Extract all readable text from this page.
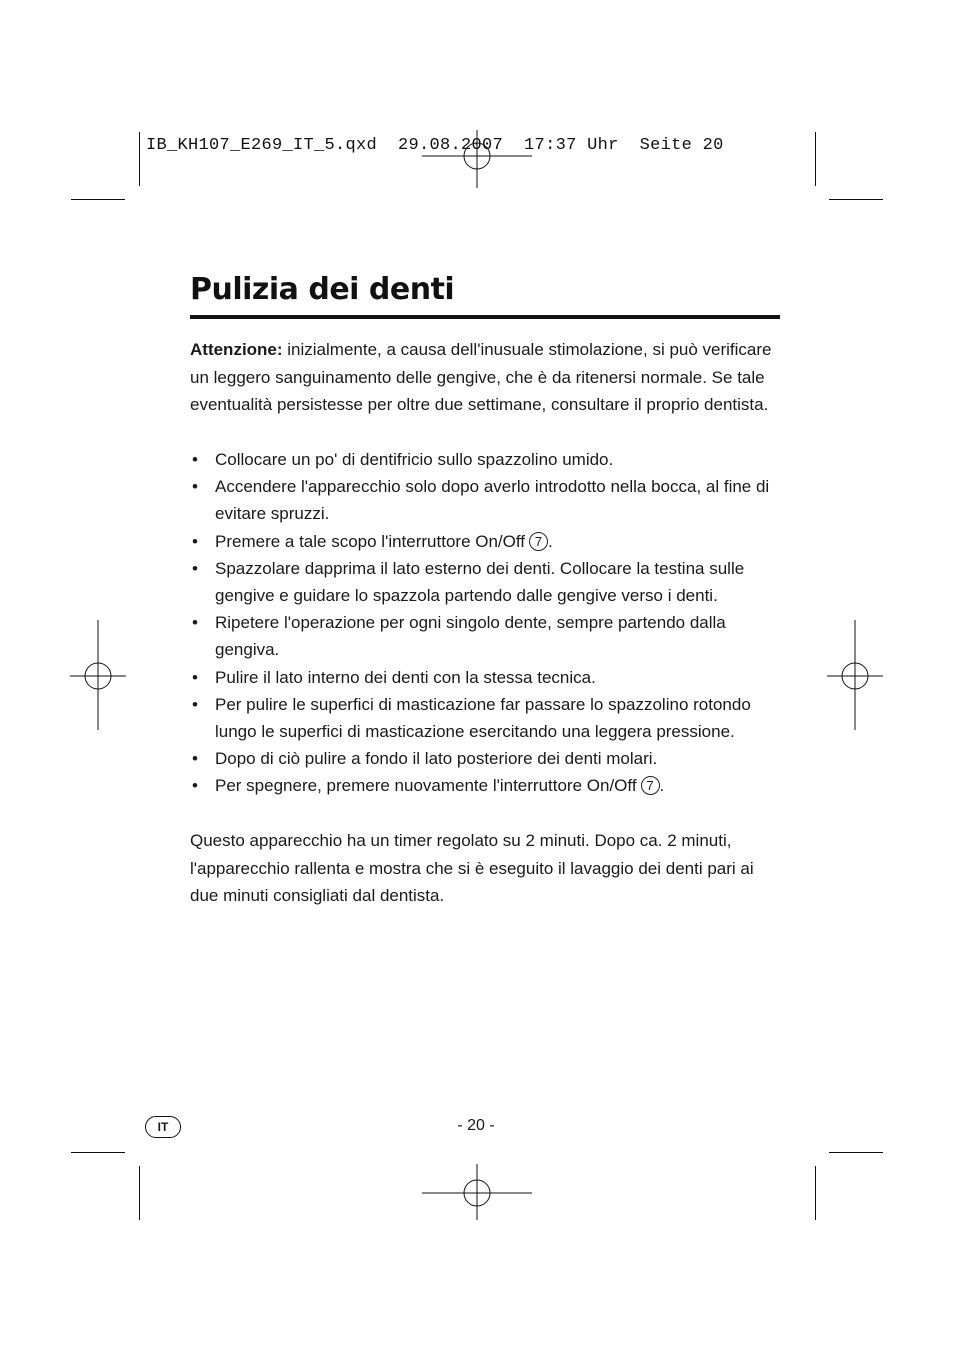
IB_KH107_E269_IT_5.qxd  29.08.2007  17:37 Uhr  Seite 20
Pulizia dei denti
Attenzione: inizialmente, a causa dell'inusuale stimolazione, si può verificare un leggero sanguinamento delle gengive, che è da ritenersi normale. Se tale eventualità persistesse per oltre due settimane, consultare il proprio dentista.
• Collocare un po' di dentifricio sullo spazzolino umido.
• Accendere l'apparecchio solo dopo averlo introdotto nella bocca, al fine di evitare spruzzi.
• Premere a tale scopo l'interruttore On/Off 7 .
• Spazzolare dapprima il lato esterno dei denti. Collocare la testina sulle gengive e guidare lo spazzola partendo dalle gengive verso i denti.
• Ripetere l'operazione per ogni singolo dente, sempre partendo dalla gengiva.
• Pulire il lato interno dei denti con la stessa tecnica.
• Per pulire le superfici di masticazione far passare lo spazzolino rotondo lungo le superfici di masticazione esercitando una leggera pressione.
• Dopo di ciò pulire a fondo il lato posteriore dei denti molari.
• Per spegnere, premere nuovamente l'interruttore On/Off 7 .
Questo apparecchio ha un timer regolato su 2 minuti. Dopo ca. 2 minuti, l'apparecchio rallenta e mostra che si è eseguito il lavaggio dei denti pari ai due minuti consigliati dal dentista.
IT	- 20 -
